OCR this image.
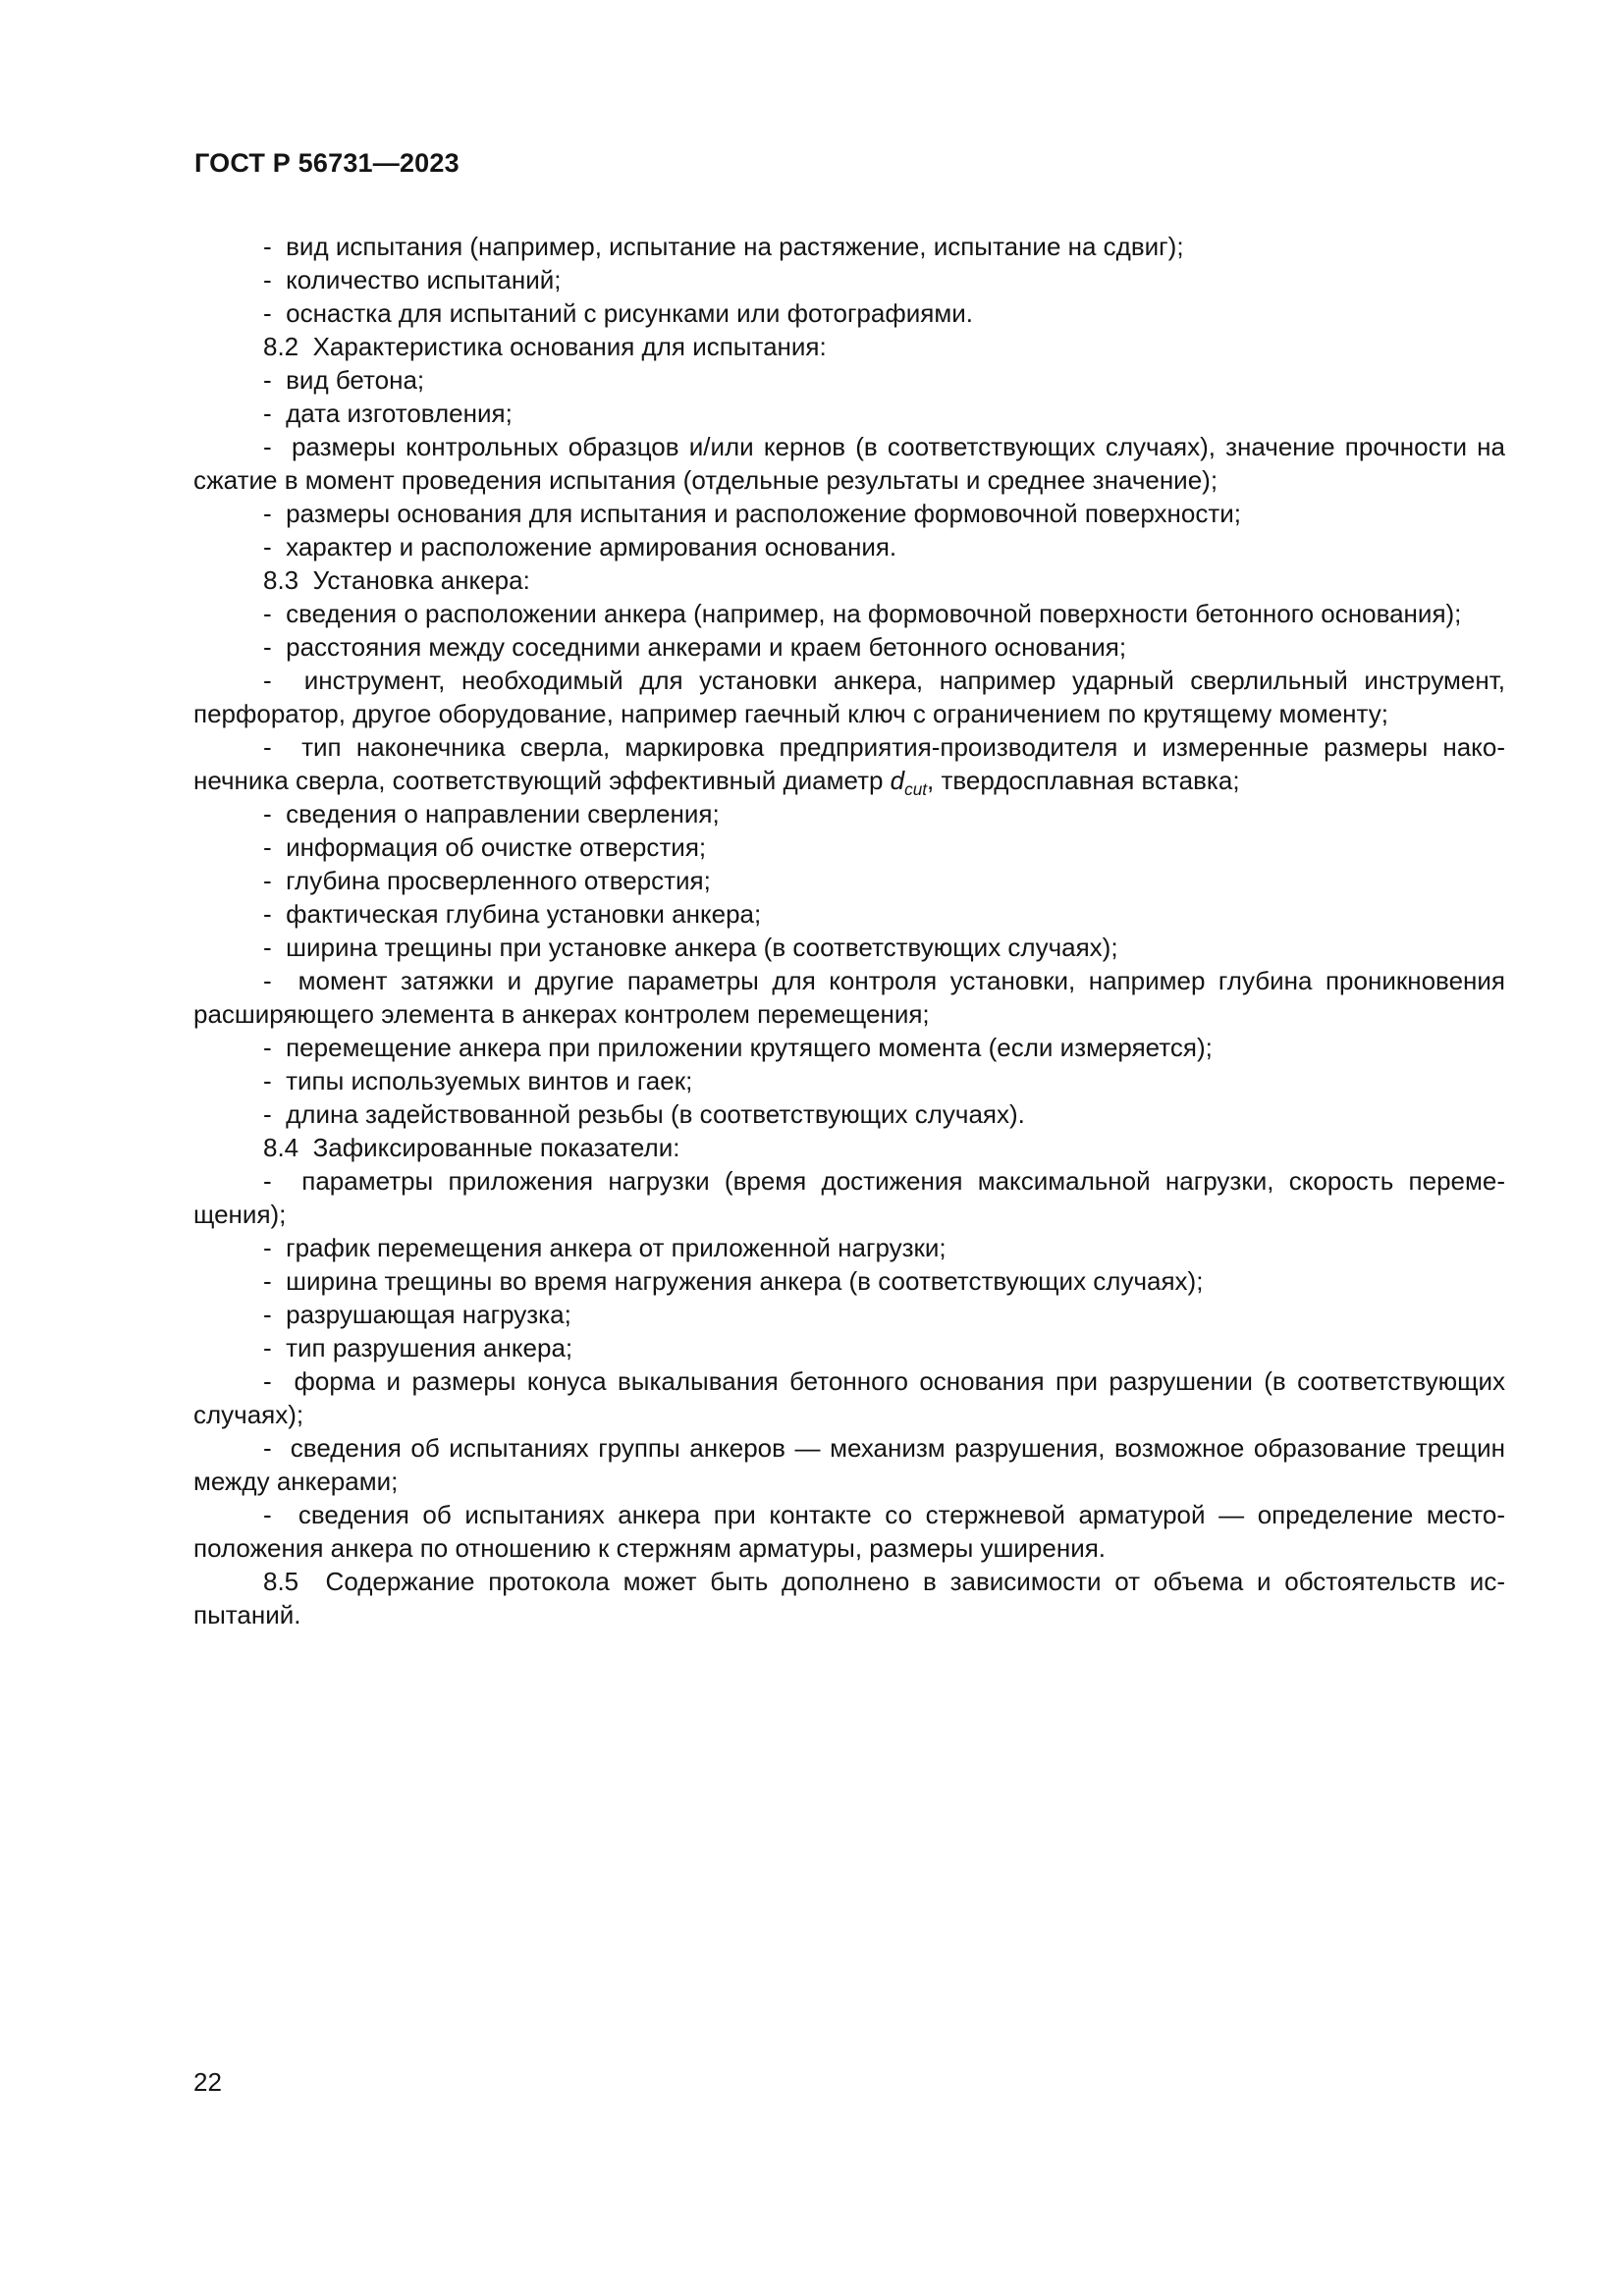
ГОСТ Р 56731—2023

-  вид испытания (например, испытание на растяжение, испытание на сдвиг);

-  количество испытаний;

-  оснастка для испытаний с рисунками или фотографиями.

8.2  Характеристика основания для испытания:

-  вид бетона;

-  дата изготовления;

-  размеры контрольных образцов и/или кернов (в соответствующих случаях), значение прочности на сжатие в момент проведения испытания (отдельные результаты и среднее значение);

-  размеры основания для испытания и расположение формовочной поверхности;

-  характер и расположение армирования основания.

8.3  Установка анкера:

-  сведения о расположении анкера (например, на формовочной поверхности бетонного основания);

-  расстояния между соседними анкерами и краем бетонного основания;

-  инструмент, необходимый для установки анкера, например ударный сверлильный инструмент, перфоратор, другое оборудование, например гаечный ключ с ограничением по крутящему моменту;

-  тип наконечника сверла, маркировка предприятия-производителя и измеренные размеры наконечника сверла, соответствующий эффективный диаметр $d_{cut}$, твердосплавная вставка;

-  сведения о направлении сверления;

-  информация об очистке отверстия;

-  глубина просверленного отверстия;

-  фактическая глубина установки анкера;

-  ширина трещины при установке анкера (в соответствующих случаях);

-  момент затяжки и другие параметры для контроля установки, например глубина проникновения расширяющего элемента в анкерах контролем перемещения;

-  перемещение анкера при приложении крутящего момента (если измеряется);

-  типы используемых винтов и гаек;

-  длина задействованной резьбы (в соответствующих случаях).

8.4  Зафиксированные показатели:

-  параметры приложения нагрузки (время достижения максимальной нагрузки, скорость перемещения);

-  график перемещения анкера от приложенной нагрузки;

-  ширина трещины во время нагружения анкера (в соответствующих случаях);

-  разрушающая нагрузка;

-  тип разрушения анкера;

-  форма и размеры конуса выкалывания бетонного основания при разрушении (в соответствующих случаях);

-  сведения об испытаниях группы анкеров — механизм разрушения, возможное образование трещин между анкерами;

-  сведения об испытаниях анкера при контакте со стержневой арматурой — определение местоположения анкера по отношению к стержням арматуры, размеры уширения.

8.5  Содержание протокола может быть дополнено в зависимости от объема и обстоятельств испытаний.

22
